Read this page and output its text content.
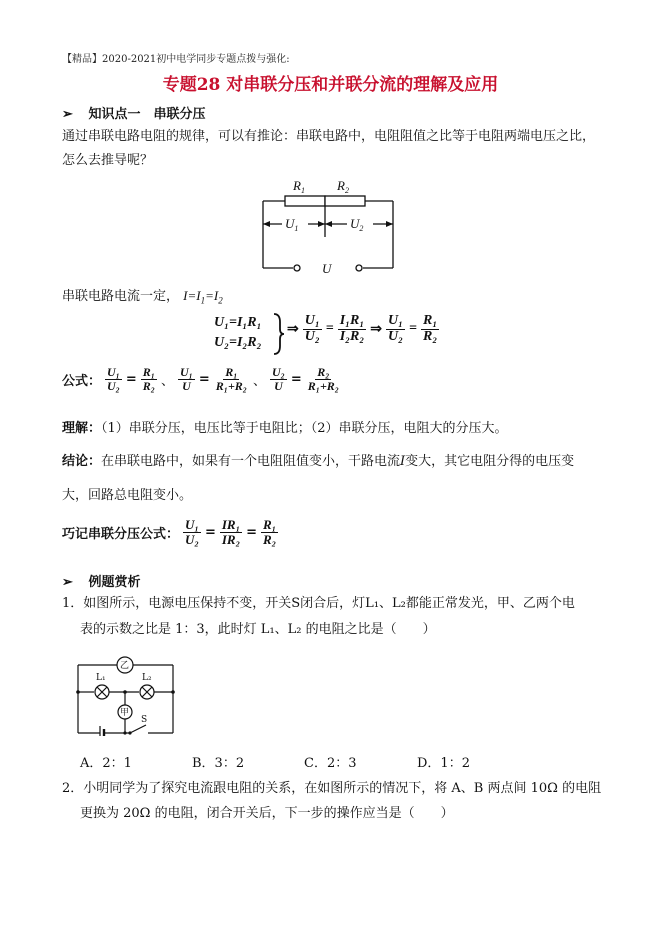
【精品】2020-2021初中电学同步专题点拨与强化:
专题28 对串联分压和并联分流的理解及应用
➢ 知识点一　串联分压
通过串联电路电阻的规律，可以有推论：串联电路中，电阻阻值之比等于电阻两端电压之比，
怎么去推导呢？
$R_1$ $R_2$
$U_1$	$U_2$
U
串联电路电流一定， $I=I_1=I_2$
U₁=I₁R₁
U₂=I₂R₂
⇒ $\frac{\text{U₁}}{\text{U₂}} = \frac{\text{I₁R₁}}{\text{I₂R₂}}$ ⇒ $\frac{\text{U₁}}{\text{U₂}} = \frac{\text{R₁}}{\text{R₂}}$
公式： $\frac{\text{U₁}}{\text{U₂}} = \frac{\text{R₁}}{\text{R₂}}$ 、 $\frac{\text{U₁}}{U} = \frac{\text{R₁}}{\text{R₁+R₂}}$ 、 $\frac{\text{U₂}}{U} = \frac{\text{R₂}}{\text{R₁+R₂}}$
理解：（1）串联分压，电压比等于电阻比；（2）串联分压，电阻大的分压大。
结论：在串联电路中，如果有一个电阻阻值变小，干路电流I变大，其它电阻分得的电压变
大，回路总电阻变小。
巧记串联分压公式： $\frac{\text{U₁}}{\text{U₂}} = \frac{\text{IR₁}}{\text{IR₂}} = \frac{\text{R₁}}{\text{R₂}}$
➢ 例题赏析
1．如图所示，电源电压保持不变，开关S闭合后，灯L₁、L₂都能正常发光，甲、乙两个电
表的示数之比是 1：3，此时灯 L₁、L₂ 的电阻之比是（　　）
乙
甲
L₁	L₂
S
A．2：1	B．3：2	C．2：3	D．1：2
2．小明同学为了探究电流跟电阻的关系，在如图所示的情况下，将 A、B 两点间 10Ω 的电阻
更换为 20Ω 的电阻，闭合开关后，下一步的操作应当是（　　）
